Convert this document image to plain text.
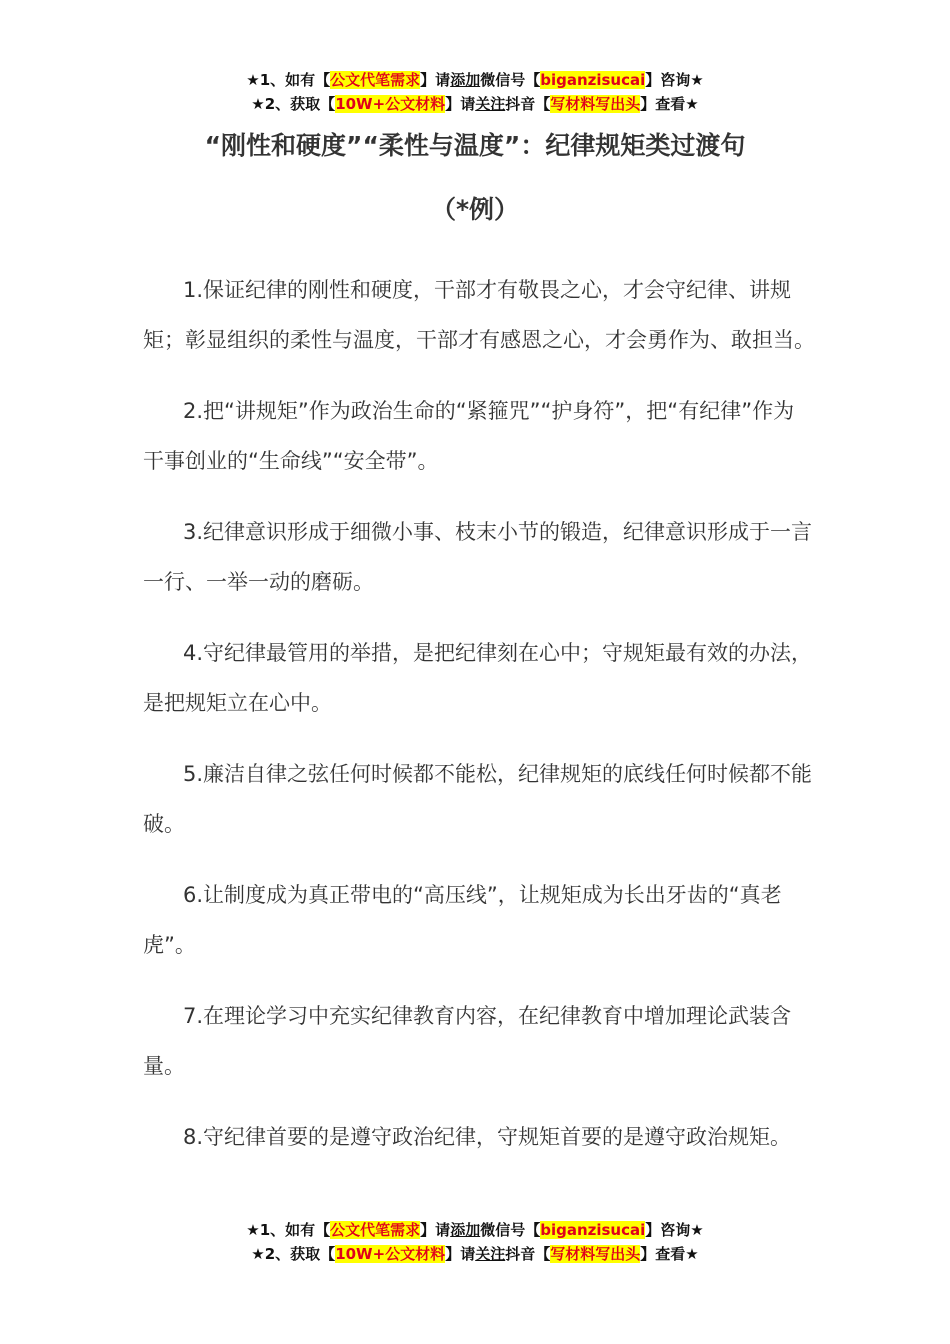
★1、如有【公文代笔需求】请添加微信号【biganzisucai】咨询★
★2、获取【10W+公文材料】请关注抖音【写材料写出头】查看★
“刚性和硬度”“柔性与温度”：纪律规矩类过渡句
（*例）

1.保证纪律的刚性和硬度，干部才有敬畏之心，才会守纪律、讲规矩；彰显组织的柔性与温度，干部才有感恩之心，才会勇作为、敢担当。

2.把“讲规矩”作为政治生命的“紧箍咒”“护身符”，把“有纪律”作为干事创业的“生命线”“安全带”。

3.纪律意识形成于细微小事、枝末小节的锻造，纪律意识形成于一言一行、一举一动的磨砺。

4.守纪律最管用的举措，是把纪律刻在心中；守规矩最有效的办法，是把规矩立在心中。

5.廉洁自律之弦任何时候都不能松，纪律规矩的底线任何时候都不能破。

6.让制度成为真正带电的“高压线”，让规矩成为长出牙齿的“真老虎”。

7.在理论学习中充实纪律教育内容，在纪律教育中增加理论武装含量。

8.守纪律首要的是遵守政治纪律，守规矩首要的是遵守政治规矩。

★1、如有【公文代笔需求】请添加微信号【biganzisucai】咨询★
★2、获取【10W+公文材料】请关注抖音【写材料写出头】查看★
